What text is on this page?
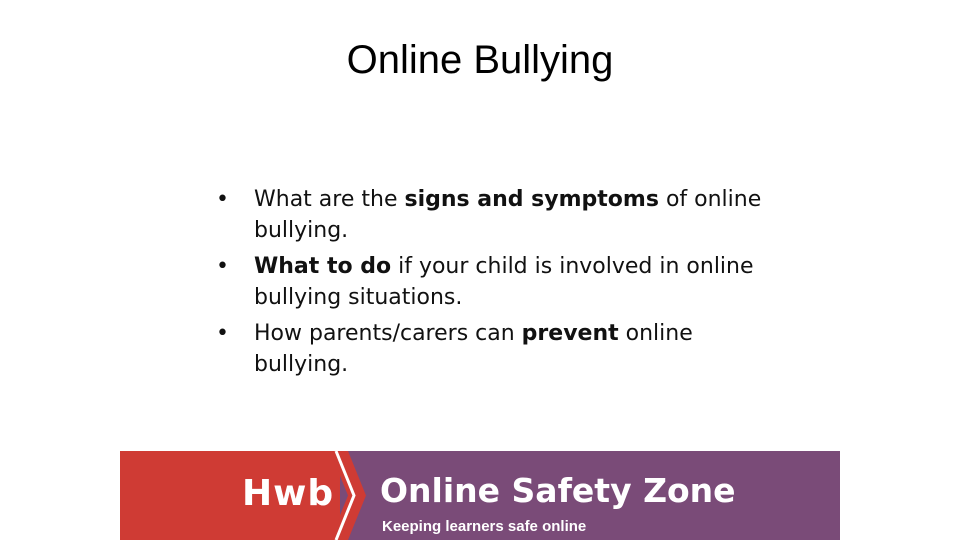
Online Bullying
• What are the signs and symptoms of online bullying.
• What to do if your child is involved in online bullying situations.
• How parents/carers can prevent online bullying.
Hwb Online Safety Zone
Keeping learners safe online
